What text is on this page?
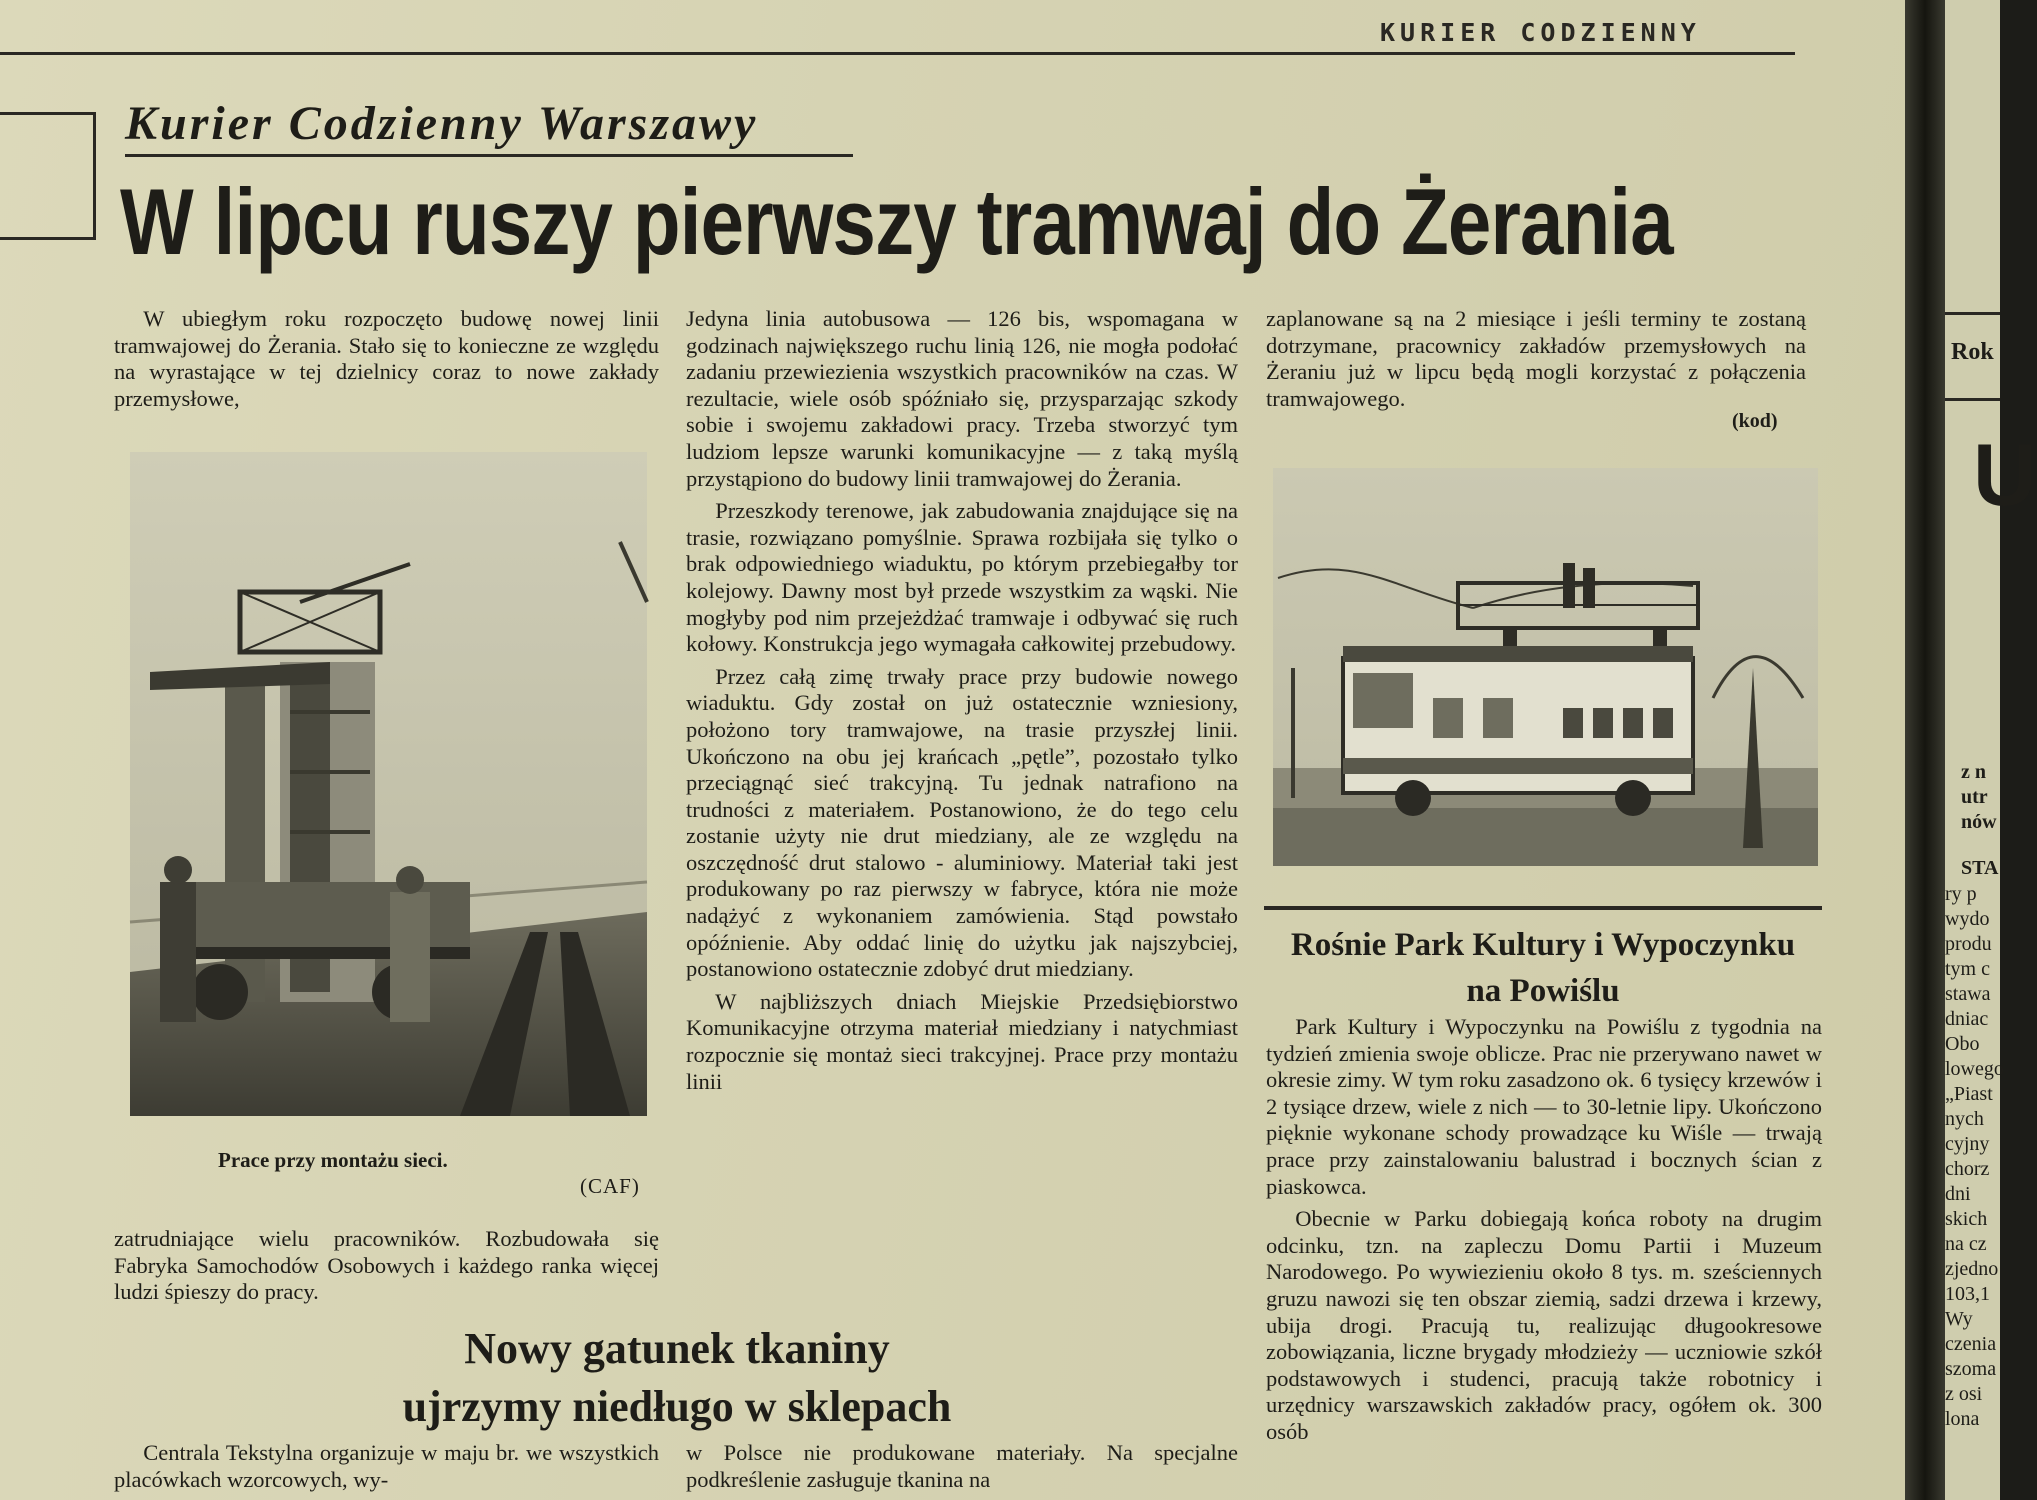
KURIER CODZIENNY
Kurier Codzienny Warszawy
W lipcu ruszy pierwszy tramwaj do Żerania

W ubiegłym roku rozpoczęto budowę nowej linii tramwajowej do Żerania. Stało się to konieczne ze względu na wyrastające w tej dzielnicy coraz to nowe zakłady przemysłowe,

Prace przy montażu sieci.
(CAF)

zatrudniające wielu pracowników. Rozbudowała się Fabryka Samochodów Osobowych i każdego ranka więcej ludzi śpieszy do pracy.

Jedyna linia autobusowa — 126 bis, wspomagana w godzinach największego ruchu linią 126, nie mogła podołać zadaniu przewiezienia wszystkich pracowników na czas. W rezultacie, wiele osób spóźniało się, przysparzając szkody sobie i swojemu zakładowi pracy. Trzeba stworzyć tym ludziom lepsze warunki komunikacyjne — z taką myślą przystąpiono do budowy linii tramwajowej do Żerania.

Przeszkody terenowe, jak zabudowania znajdujące się na trasie, rozwiązano pomyślnie. Sprawa rozbijała się tylko o brak odpowiedniego wiaduktu, po którym przebiegałby tor kolejowy. Dawny most był przede wszystkim za wąski. Nie mogłyby pod nim przejeżdżać tramwaje i odbywać się ruch kołowy. Konstrukcja jego wymagała całkowitej przebudowy.

Przez całą zimę trwały prace przy budowie nowego wiaduktu. Gdy został on już ostatecznie wzniesiony, położono tory tramwajowe, na trasie przyszłej linii. Ukończono na obu jej krańcach „pętle”, pozostało tylko przeciągnąć sieć trakcyjną. Tu jednak natrafiono na trudności z materiałem. Postanowiono, że do tego celu zostanie użyty nie drut miedziany, ale ze względu na oszczędność drut stalowo - aluminiowy. Materiał taki jest produkowany po raz pierwszy w fabryce, która nie może nadążyć z wykonaniem zamówienia. Stąd powstało opóźnienie. Aby oddać linię do użytku jak najszybciej, postanowiono ostatecznie zdobyć drut miedziany.

W najbliższych dniach Miejskie Przedsiębiorstwo Komunikacyjne otrzyma materiał miedziany i natychmiast rozpocznie się montaż sieci trakcyjnej. Prace przy montażu linii

zaplanowane są na 2 miesiące i jeśli terminy te zostaną dotrzymane, pracownicy zakładów przemysłowych na Żeraniu już w lipcu będą mogli korzystać z połączenia tramwajowego.

(kod)
Rośnie Park Kultury i Wypoczynku
na Powiślu

Park Kultury i Wypoczynku na Powiślu z tygodnia na tydzień zmienia swoje oblicze. Prac nie przerywano nawet w okresie zimy. W tym roku zasadzono ok. 6 tysięcy krzewów i 2 tysiące drzew, wiele z nich — to 30-letnie lipy. Ukończono pięknie wykonane schody prowadzące ku Wiśle — trwają prace przy zainstalowaniu balustrad i bocznych ścian z piaskowca.

Obecnie w Parku dobiegają końca roboty na drugim odcinku, tzn. na zapleczu Domu Partii i Muzeum Narodowego. Po wywiezieniu około 8 tys. m. sześciennych gruzu nawozi się ten obszar ziemią, sadzi drzewa i krzewy, ubija drogi. Pracują tu, realizując długookresowe zobowiązania, liczne brygady młodzieży — uczniowie szkół podstawowych i studenci, pracują także robotnicy i urzędnicy warszawskich zakładów pracy, ogółem ok. 300 osób

Nowy gatunek tkaniny
ujrzymy niedługo w sklepach

Centrala Tekstylna organizuje w maju br. we wszystkich placówkach wzorcowych, wy-

w Polsce nie produkowane materiały. Na specjalne podkreślenie zasługuje tkanina na

Rok
U
z n
utr
nów
STA
ry p
wydo
produ
tym c
stawa
dniac
Obo
lowego
„Piast
nych
cyjny
chorz
dni
skich
na cz
zjedno
103,1
Wy
czenia
szoma
z osi
lona
